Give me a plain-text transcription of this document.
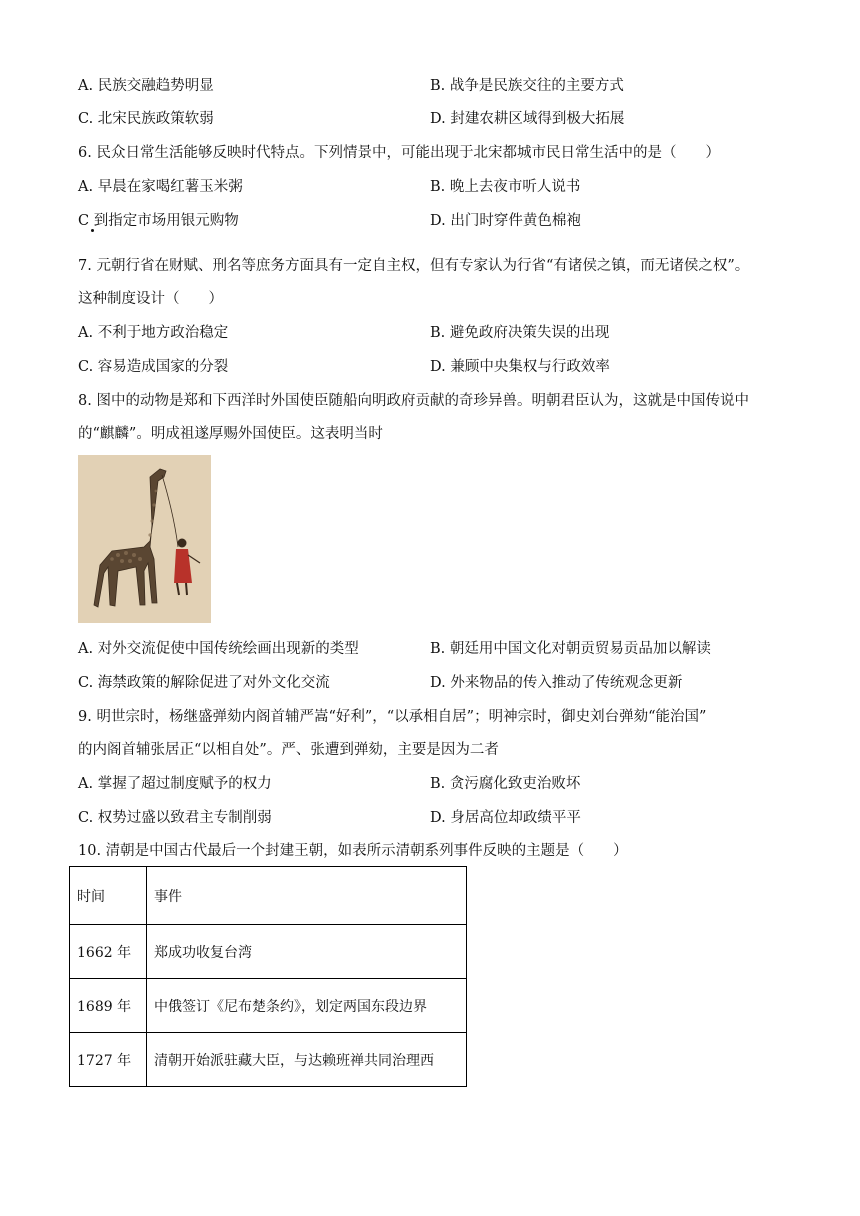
A. 民族交融趋势明显	B. 战争是民族交往的主要方式
C. 北宋民族政策软弱	D. 封建农耕区域得到极大拓展
6. 民众日常生活能够反映时代特点。下列情景中，可能出现于北宋都城市民日常生活中的是（　　）
A. 早晨在家喝红薯玉米粥	B. 晚上去夜市听人说书
C 到指定市场用银元购物	D. 出门时穿件黄色棉袍
7. 元朝行省在财赋、刑名等庶务方面具有一定自主权，但有专家认为行省“有诸侯之镇，而无诸侯之权”。
这种制度设计（　　）
A. 不利于地方政治稳定	B. 避免政府决策失误的出现
C. 容易造成国家的分裂	D. 兼顾中央集权与行政效率
8. 图中的动物是郑和下西洋时外国使臣随船向明政府贡献的奇珍异兽。明朝君臣认为，这就是中国传说中
的“麒麟”。明成祖遂厚赐外国使臣。这表明当时
A. 对外交流促使中国传统绘画出现新的类型	B. 朝廷用中国文化对朝贡贸易贡品加以解读
C. 海禁政策的解除促进了对外文化交流	D. 外来物品的传入推动了传统观念更新
9. 明世宗时，杨继盛弹劾内阁首辅严嵩“好利”，“以承相自居”；明神宗时，御史刘台弹劾“能治国”
的内阁首辅张居正“以相自处”。严、张遭到弹劾，主要是因为二者
A. 掌握了超过制度赋予的权力	B. 贪污腐化致吏治败坏
C. 权势过盛以致君主专制削弱	D. 身居高位却政绩平平
10. 清朝是中国古代最后一个封建王朝，如表所示清朝系列事件反映的主题是（　　）
时间	事件
1662 年	郑成功收复台湾
1689 年	中俄签订《尼布楚条约》，划定两国东段边界
1727 年	清朝开始派驻藏大臣，与达赖班禅共同治理西
